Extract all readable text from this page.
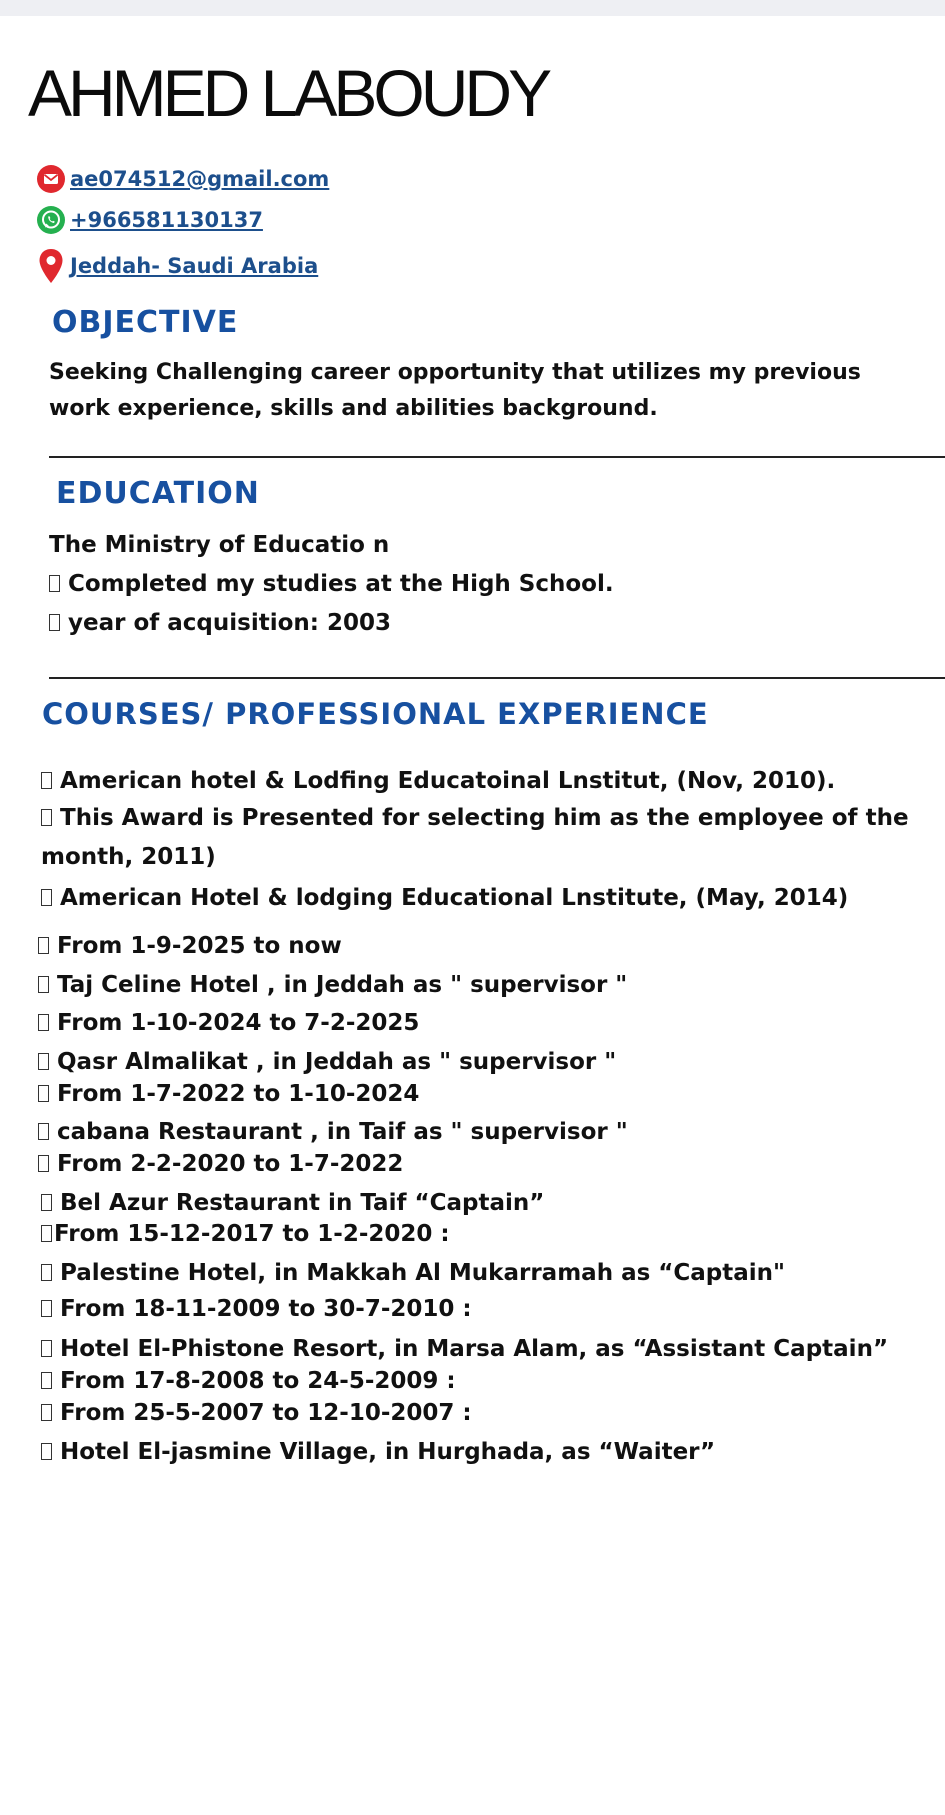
AHMED LABOUDY
ae074512@gmail.com
+966581130137
Jeddah- Saudi Arabia
OBJECTIVE
Seeking Challenging career opportunity that utilizes my previous work experience, skills and abilities background.
EDUCATION
The Ministry of Educatio n
Completed my studies at the High School.
year of acquisition: 2003
COURSES/ PROFESSIONAL EXPERIENCE
American hotel & Lodfing Educatoinal Lnstitut, (Nov, 2010).
This Award is Presented for selecting him as the employee of the month, 2011)
American Hotel & lodging Educational Lnstitute, (May, 2014)
From 1-9-2025 to now
Taj Celine Hotel , in Jeddah as " supervisor "
From 1-10-2024 to 7-2-2025
Qasr Almalikat , in Jeddah as " supervisor "
From 1-7-2022 to 1-10-2024
cabana Restaurant , in Taif as " supervisor "
From 2-2-2020 to 1-7-2022
Bel Azur Restaurant in Taif “Captain”
From 15-12-2017 to 1-2-2020 :
Palestine Hotel, in Makkah Al Mukarramah as “Captain"
From 18-11-2009 to 30-7-2010 :
Hotel El-Phistone Resort, in Marsa Alam, as “Assistant Captain”
From 17-8-2008 to 24-5-2009 :
From 25-5-2007 to 12-10-2007 :
Hotel El-jasmine Village, in Hurghada, as “Waiter”
